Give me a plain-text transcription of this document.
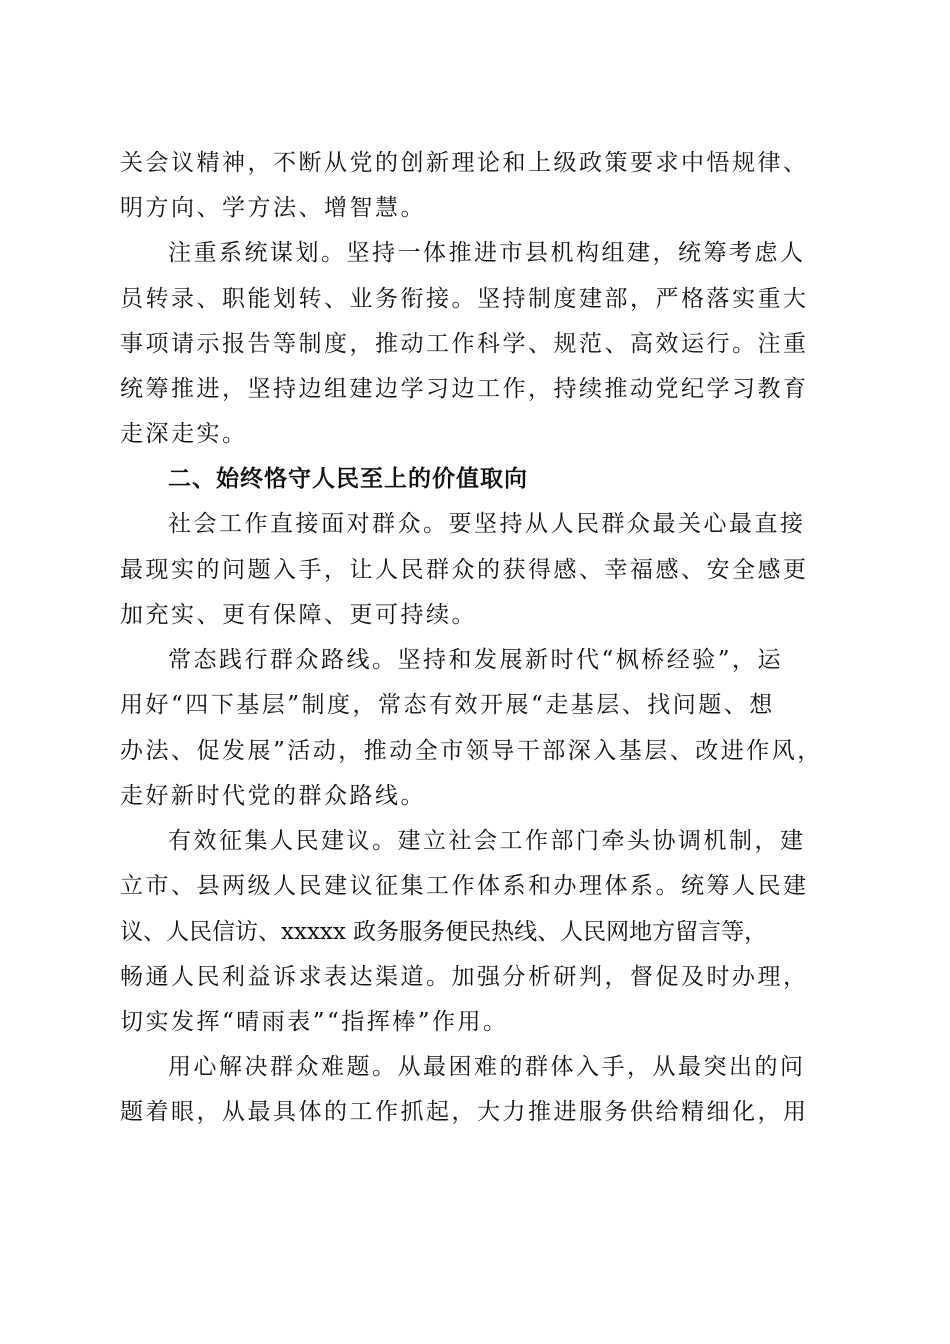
关会议精神，不断从党的创新理论和上级政策要求中悟规律、
明方向、学方法、增智慧。
注重系统谋划。坚持一体推进市县机构组建，统筹考虑人
员转录、职能划转、业务衔接。坚持制度建部，严格落实重大
事项请示报告等制度，推动工作科学、规范、高效运行。注重
统筹推进，坚持边组建边学习边工作，持续推动党纪学习教育
走深走实。
二、始终恪守人民至上的价值取向
社会工作直接面对群众。要坚持从人民群众最关心最直接
最现实的问题入手，让人民群众的获得感、幸福感、安全感更
加充实、更有保障、更可持续。
常态践行群众路线。坚持和发展新时代“枫桥经验”，运
用好“四下基层”制度，常态有效开展“走基层、找问题、想
办法、促发展”活动，推动全市领导干部深入基层、改进作风，
走好新时代党的群众路线。
有效征集人民建议。建立社会工作部门牵头协调机制，建
立市、县两级人民建议征集工作体系和办理体系。统筹人民建
议、人民信访、xxxxx 政务服务便民热线、人民网地方留言等，
畅通人民利益诉求表达渠道。加强分析研判，督促及时办理，
切实发挥“晴雨表”“指挥棒”作用。
用心解决群众难题。从最困难的群体入手，从最突出的问
题着眼，从最具体的工作抓起，大力推进服务供给精细化，用
